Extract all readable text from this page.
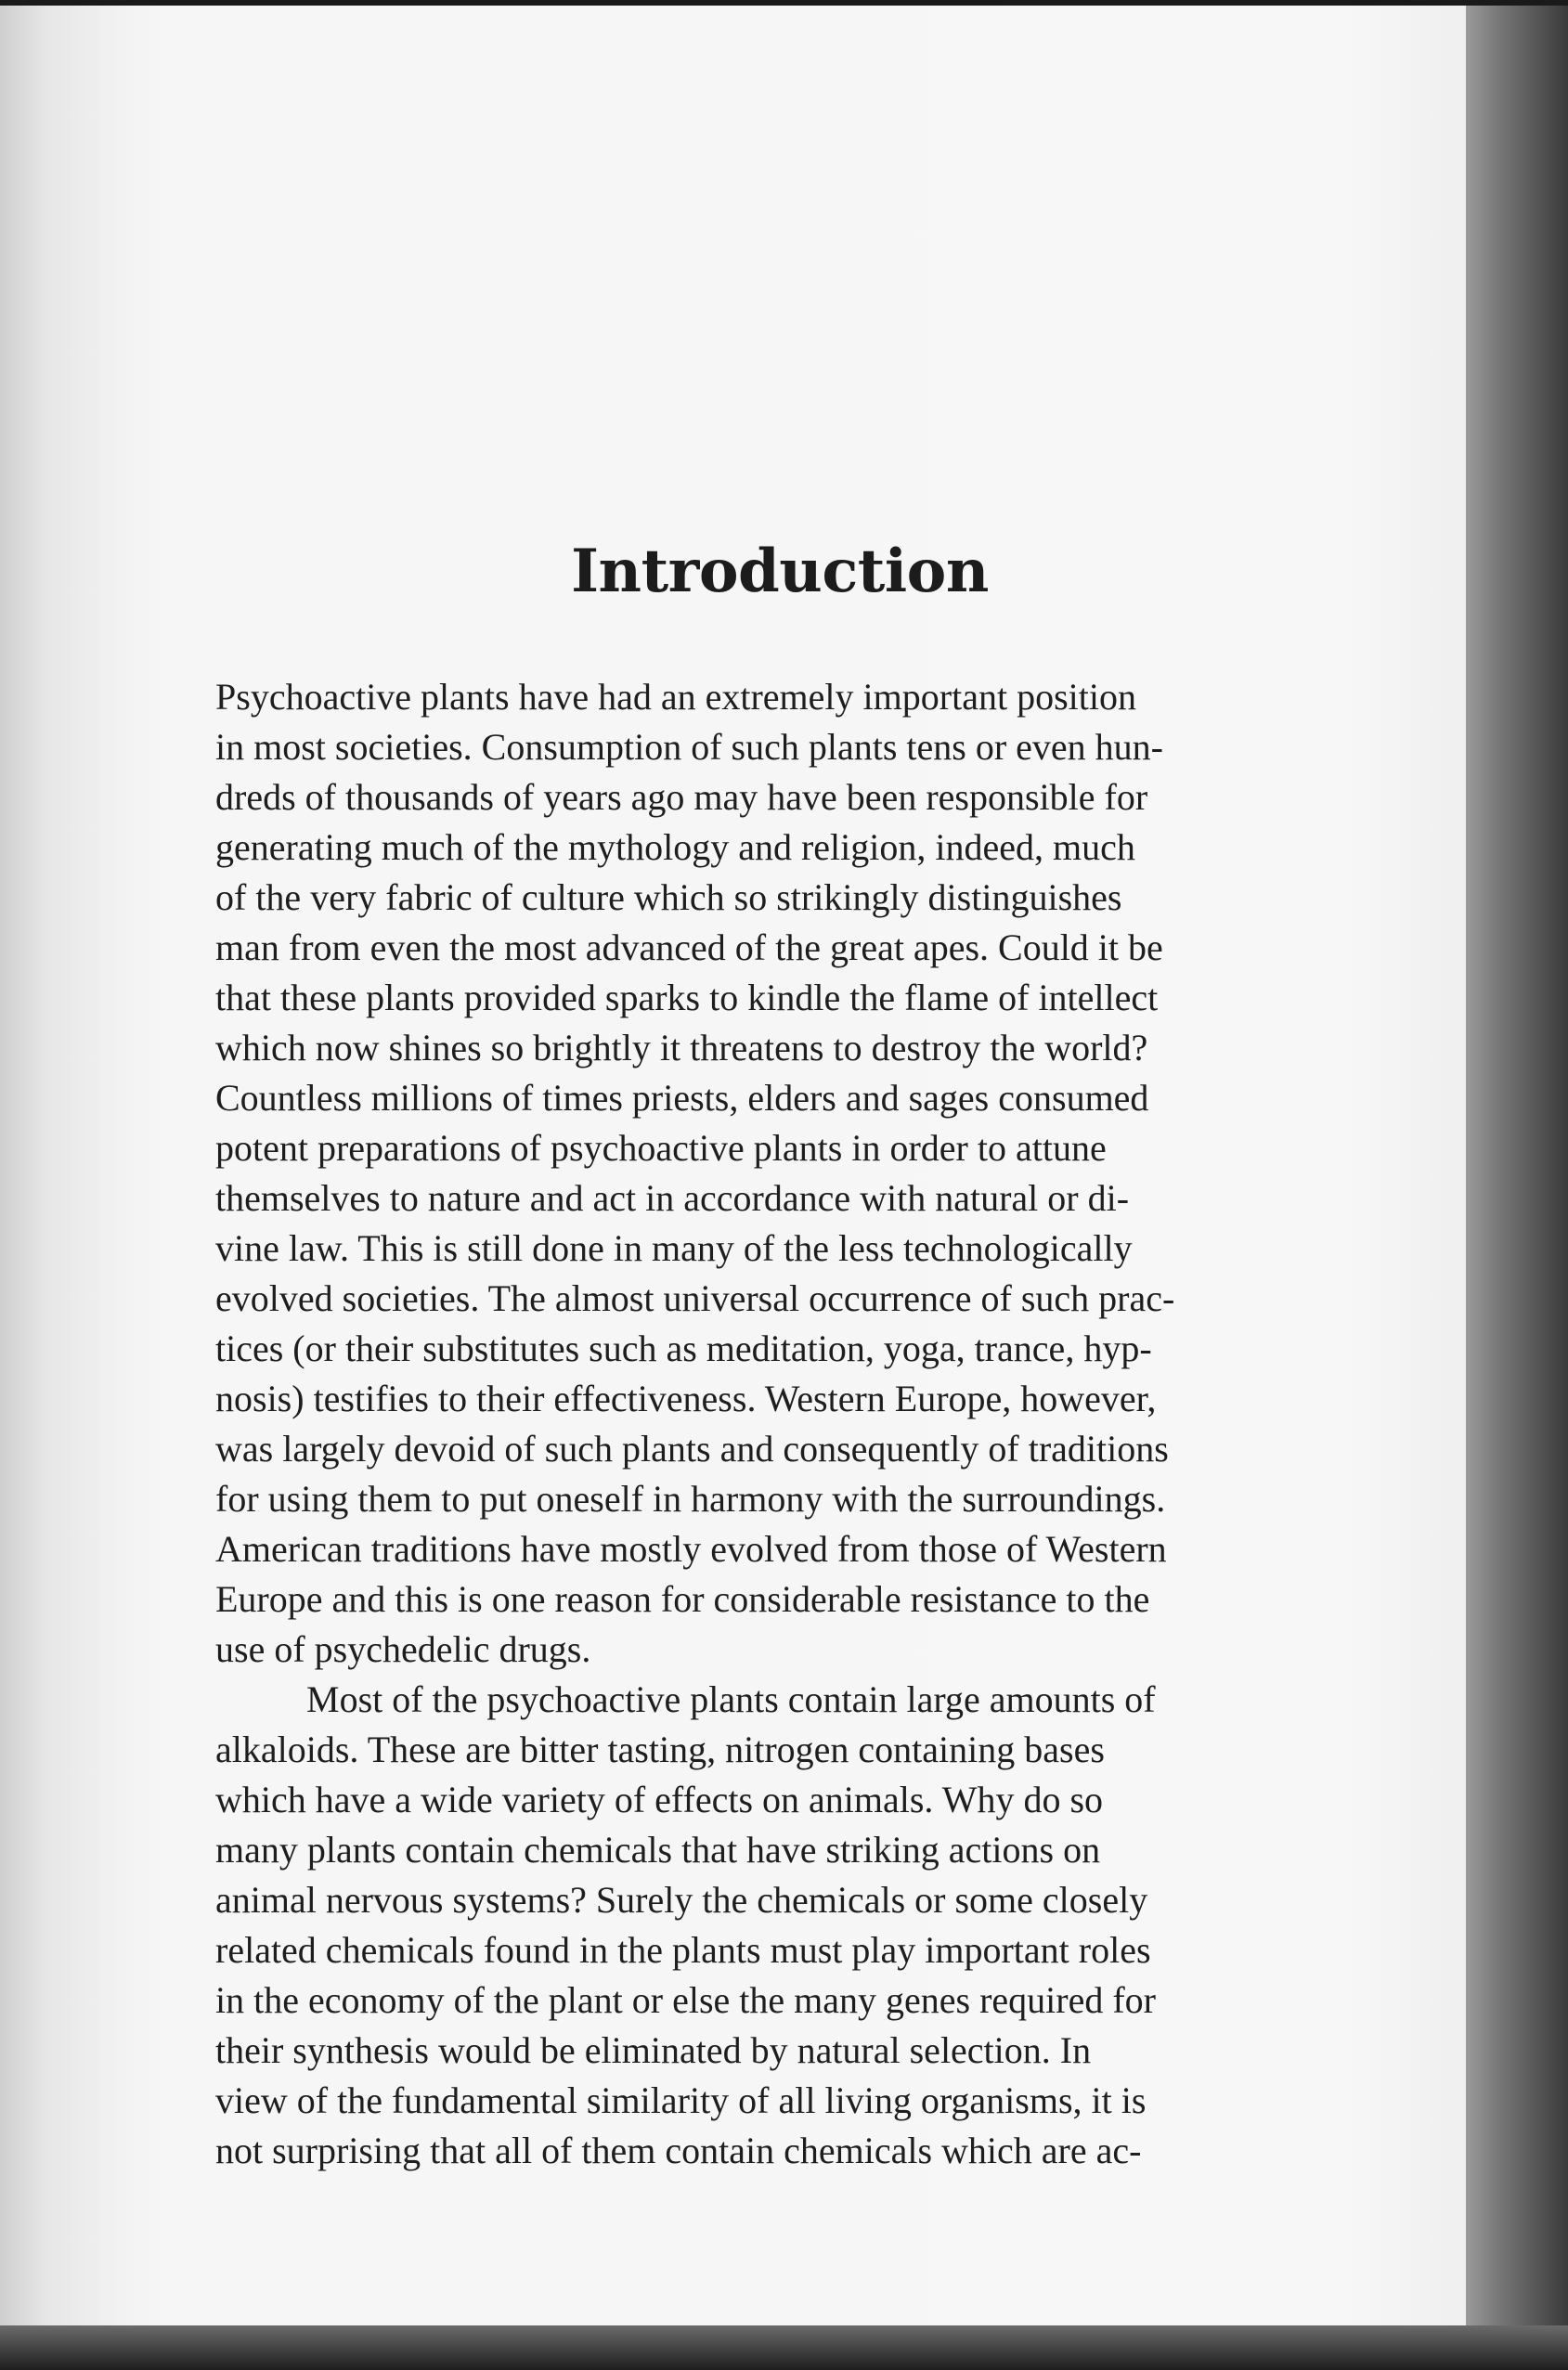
Introduction
Psychoactive plants have had an extremely important position
in most societies. Consumption of such plants tens or even hun-
dreds of thousands of years ago may have been responsible for
generating much of the mythology and religion, indeed, much
of the very fabric of culture which so strikingly distinguishes
man from even the most advanced of the great apes. Could it be
that these plants provided sparks to kindle the flame of intellect
which now shines so brightly it threatens to destroy the world?
Countless millions of times priests, elders and sages consumed
potent preparations of psychoactive plants in order to attune
themselves to nature and act in accordance with natural or di-
vine law. This is still done in many of the less technologically
evolved societies. The almost universal occurrence of such prac-
tices (or their substitutes such as meditation, yoga, trance, hyp-
nosis) testifies to their effectiveness. Western Europe, however,
was largely devoid of such plants and consequently of traditions
for using them to put oneself in harmony with the surroundings.
American traditions have mostly evolved from those of Western
Europe and this is one reason for considerable resistance to the
use of psychedelic drugs.
Most of the psychoactive plants contain large amounts of
alkaloids. These are bitter tasting, nitrogen containing bases
which have a wide variety of effects on animals. Why do so
many plants contain chemicals that have striking actions on
animal nervous systems? Surely the chemicals or some closely
related chemicals found in the plants must play important roles
in the economy of the plant or else the many genes required for
their synthesis would be eliminated by natural selection. In
view of the fundamental similarity of all living organisms, it is
not surprising that all of them contain chemicals which are ac-
